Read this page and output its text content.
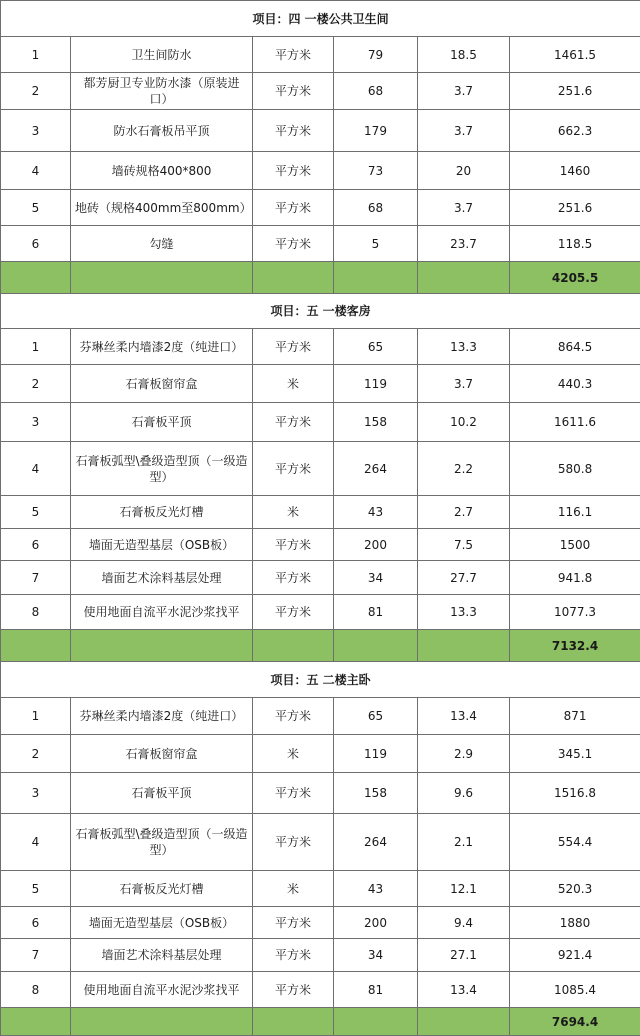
项目：四 一楼公共卫生间					
1	卫生间防水	平方米	79	18.5	1461.5
2	都芳厨卫专业防水漆（原装进口）	平方米	68	3.7	251.6
3	防水石膏板吊平顶	平方米	179	3.7	662.3
4	墙砖规格400*800	平方米	73	20	1460
5	地砖（规格400mm至800mm）	平方米	68	3.7	251.6
6	勾缝	平方米	5	23.7	118.5
					4205.5
项目：五 一楼客房					
1	芬琳丝柔内墙漆2度（纯进口）	平方米	65	13.3	864.5
2	石膏板窗帘盒	米	119	3.7	440.3
3	石膏板平顶	平方米	158	10.2	1611.6
4	石膏板弧型\叠级造型顶（一级造型）	平方米	264	2.2	580.8
5	石膏板反光灯槽	米	43	2.7	116.1
6	墙面无造型基层（OSB板）	平方米	200	7.5	1500
7	墙面艺术涂料基层处理	平方米	34	27.7	941.8
8	使用地面自流平水泥沙浆找平	平方米	81	13.3	1077.3
					7132.4
项目：五 二楼主卧					
1	芬琳丝柔内墙漆2度（纯进口）	平方米	65	13.4	871
2	石膏板窗帘盒	米	119	2.9	345.1
3	石膏板平顶	平方米	158	9.6	1516.8
4	石膏板弧型\叠级造型顶（一级造型）	平方米	264	2.1	554.4
5	石膏板反光灯槽	米	43	12.1	520.3
6	墙面无造型基层（OSB板）	平方米	200	9.4	1880
7	墙面艺术涂料基层处理	平方米	34	27.1	921.4
8	使用地面自流平水泥沙浆找平	平方米	81	13.4	1085.4
					7694.4
